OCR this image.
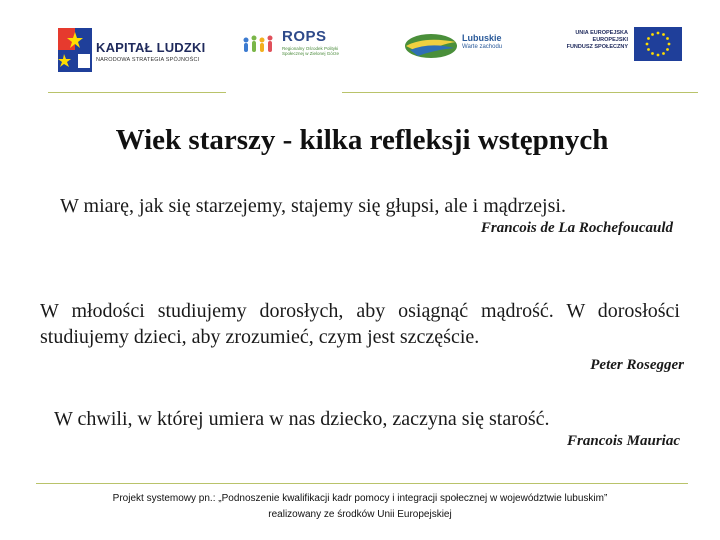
KAPITAŁ LUDZKI
NARODOWA STRATEGIA SPÓJNOŚCI
ROPS
Regionalny Ośrodek Polityki Społecznej w Zielonej Górze
Lubuskie
Warte zachodu
UNIA EUROPEJSKA
EUROPEJSKI
FUNDUSZ SPOŁECZNY
Wiek starszy - kilka refleksji wstępnych
W miarę, jak się starzejemy, stajemy się głupsi, ale i mądrzejsi.
Francois de La Rochefoucauld
W młodości studiujemy dorosłych, aby osiągnąć mądrość. W dorosłości studiujemy dzieci, aby zrozumieć, czym jest szczęście.
Peter Rosegger
W chwili, w której umiera w nas dziecko, zaczyna się starość.
Francois Mauriac
Projekt systemowy pn.: „Podnoszenie kwalifikacji kadr pomocy i integracji społecznej w województwie lubuskim”
realizowany ze środków Unii Europejskiej
